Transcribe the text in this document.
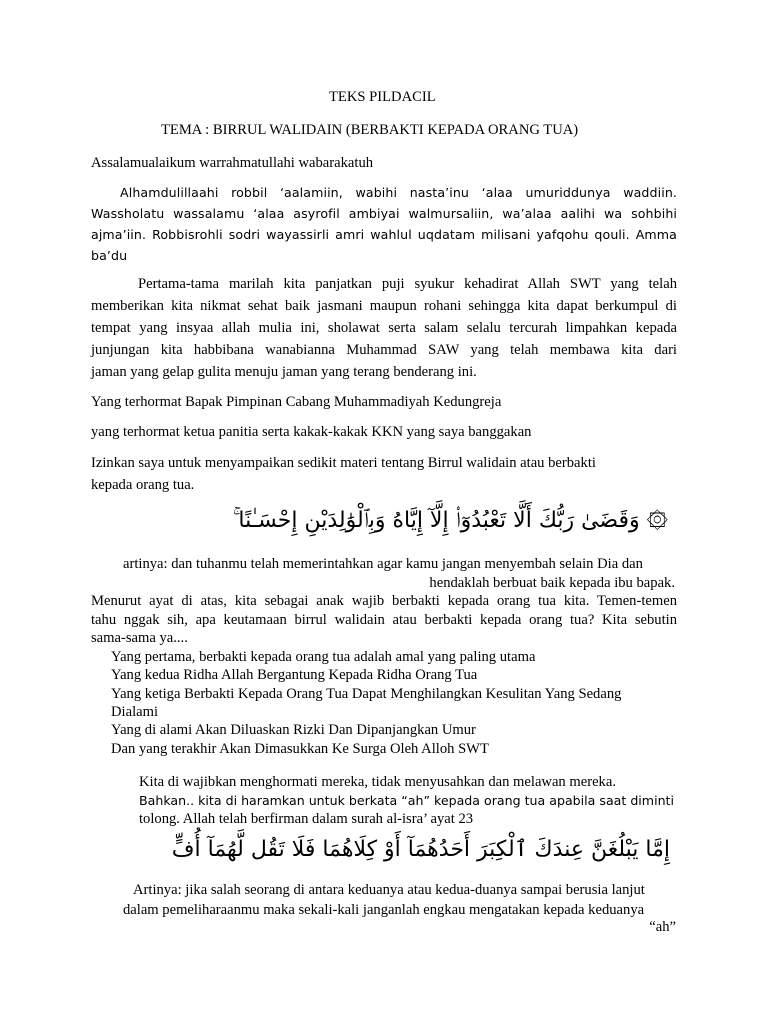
TEKS PILDACIL
TEMA : BIRRUL WALIDAIN (BERBAKTI KEPADA ORANG TUA)
Assalamualaikum warrahmatullahi wabarakatuh
Alhamdulillaahi robbil ‘aalamiin, wabihi nasta’inu ‘alaa umuriddunya waddiin.
Wassholatu wassalamu ‘alaa asyrofil ambiyai walmursaliin, wa’alaa aalihi wa sohbihi
ajma’iin. Robbisrohli sodri wayassirli amri wahlul uqdatam milisani yafqohu qouli. Amma
ba’du
Pertama-tama marilah kita panjatkan puji syukur kehadirat Allah SWT yang telah
memberikan kita nikmat sehat baik jasmani maupun rohani sehingga kita dapat berkumpul di
tempat yang insyaa allah mulia ini, sholawat serta salam selalu tercurah limpahkan kepada
junjungan kita habbibana wanabianna Muhammad SAW yang telah membawa kita dari
jaman yang gelap gulita menuju jaman yang terang benderang ini.
Yang terhormat Bapak Pimpinan Cabang Muhammadiyah Kedungreja
yang terhormat ketua panitia serta kakak-kakak KKN yang saya banggakan
Izinkan saya untuk menyampaikan sedikit materi tentang Birrul walidain atau berbakti
kepada orang tua.
۞ وَقَضَىٰ رَبُّكَ أَلَّا تَعْبُدُوٓا۟ إِلَّآ إِيَّاهُ وَبِٱلْوَٰلِدَيْنِ إِحْسَـٰنًا ۚ
artinya: dan tuhanmu telah memerintahkan agar kamu jangan menyembah selain Dia dan
hendaklah berbuat baik kepada ibu bapak.
Menurut ayat di atas, kita sebagai anak wajib berbakti kepada orang tua kita. Temen-temen
tahu nggak sih, apa keutamaan birrul walidain atau berbakti kepada orang tua? Kita sebutin
sama-sama ya....
Yang pertama, berbakti kepada orang tua adalah amal yang paling utama
Yang kedua Ridha Allah Bergantung Kepada Ridha Orang Tua
Yang ketiga Berbakti Kepada Orang Tua Dapat Menghilangkan Kesulitan Yang Sedang
Dialami
Yang di alami Akan Diluaskan Rizki Dan Dipanjangkan Umur
Dan yang terakhir Akan Dimasukkan Ke Surga Oleh Alloh SWT
Kita di wajibkan menghormati mereka, tidak menyusahkan dan melawan mereka.
Bahkan.. kita di haramkan untuk berkata “ah” kepada orang tua apabila saat diminti
tolong. Allah telah berfirman dalam surah al-isra’ ayat 23
إِمَّا يَبْلُغَنَّ عِندَكَ ٱلْكِبَرَ أَحَدُهُمَآ أَوْ كِلَاهُمَا فَلَا تَقُل لَّهُمَآ أُفٍّ
Artinya: jika salah seorang di antara keduanya atau kedua-duanya sampai berusia lanjut
dalam pemeliharaanmu maka sekali-kali janganlah engkau mengatakan kepada keduanya
“ah”
